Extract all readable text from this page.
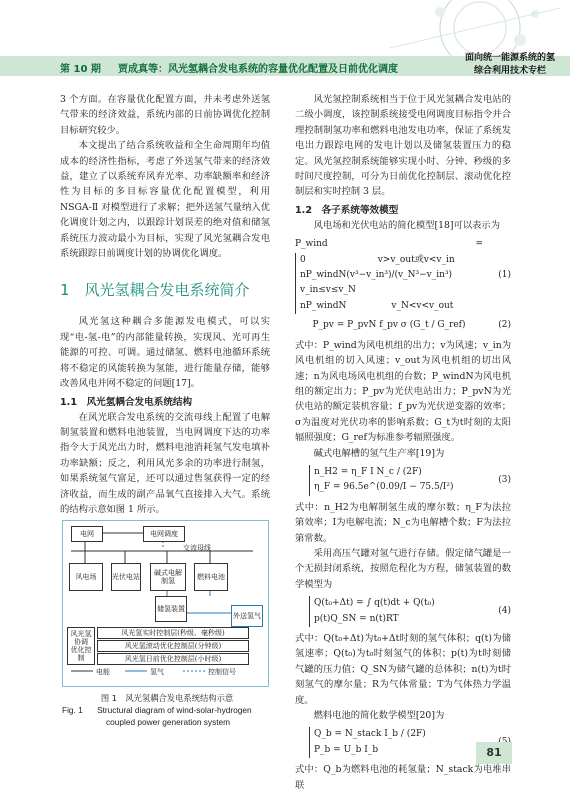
第 10 期 贾成真等：风光氢耦合发电系统的容量优化配置及日前优化调度
面向统一能源系统的氢
综合利用技术专栏

3 个方面。在容量优化配置方面，并未考虑外送氢气带来的经济效益，系统内部的日前协调优化控制目标研究较少。

本文提出了结合系统收益和全生命周期年均值成本的经济性指标，考虑了外送氢气带来的经济效益，建立了以系统弃风弃光率、功率缺额率和经济性为目标的多目标容量优化配置模型，利用 NSGA-Ⅱ 对模型进行了求解；把外送氢气量纳入优化调度计划之内，以跟踪计划误差的绝对值和储氢系统压力波动最小为目标，实现了风光氢耦合发电系统跟踪日前调度计划的协调优化调度。

1　风光氢耦合发电系统简介

风光氢这种耦合多能源发电模式，可以实现“电-氢-电”的内部能量转换，实现风、光可再生能源的可控、可调。通过储氢、燃料电池循环系统将不稳定的风能转换为氢能，进行能量存储，能够改善风电并网不稳定的问题[17]。

1.1　风光氢耦合发电系统结构

在风光联合发电系统的交流母线上配置了电解制氢装置和燃料电池装置，当电网调度下达的功率指令大于风光出力时，燃料电池消耗氢气发电填补功率缺额；反之，利用风光多余的功率进行制氢，如果系统氢气富足，还可以通过售氢获得一定的经济收益，而生成的副产品氧气直接排入大气。系统的结构示意如图 1 所示。

电网	电网调度
交流母线
风电场	光伏电站	碱式电解制氢	燃料电池
储氢装置
外送氢气
风光氢
协调
优化控
制
风光氢实时控制层(秒级、毫秒级)
风光氢滚动优化控制层(分钟级)
风光氢日前优化控制层(小时级)
电能	氢气	控制信号
图 1　风光氢耦合发电系统结构示意
Fig. 1 Structural diagram of wind-solar-hydrogen
coupled power generation system

风光氢控制系统相当于位于风光氢耦合发电站的二级小调度，该控制系统接受电网调度目标指令并合理控制制氢功率和燃料电池发电功率，保证了系统发电出力跟踪电网的发电计划以及储氢装置压力的稳定。风光氢控制系统能够实现小时、分钟、秒级的多时间尺度控制，可分为日前优化控制层、滚动优化控制层和实时控制 3 层。

1.2　各子系统等效模型

风电场和光伏电站的简化模型[18]可以表示为

P_wind =
0　　　　　　　　v>v_out或v<v_in
nP_windN(v³−v_in³)/(v_N³−v_in³)　v_in≤v≤v_N
nP_windN　　　　　v_N<v<v_out
(1)
P_pv = P_pvN f_pv σ (G_t / G_ref)	(2)

式中：P_wind为风电机组的出力；v为风速；v_in为风电机组的切入风速；v_out为风电机组的切出风速；n为风电场风电机组的台数；P_windN为风电机组的额定出力；P_pv为光伏电站出力；P_pvN为光伏电站的额定装机容量；f_pv为光伏逆变器的效率；σ为温度对光伏功率的影响系数；G_t为t时刻的太阳辐照强度；G_ref为标准参考辐照强度。

碱式电解槽的氢气生产率[19]为

n_H2 = η_F I N_c / (2F)
η_F = 96.5e^(0.09/I − 75.5/I²)
(3)

式中：n_H2为电解制氢生成的摩尔数；η_F为法拉第效率；I为电解电流；N_c为电解槽个数；F为法拉第常数。

采用高压气罐对氢气进行存储。假定储气罐是一个无损封闭系统，按照危程化为方程，储氢装置的数学模型为

Q(t₀+Δt) = ∫ q(t)dt + Q(t₀)
p(t)Q_SN = n(t)RT
(4)

式中：Q(t₀+Δt)为t₀+Δt时刻的氢气体积；q(t)为储氢速率；Q(t₀)为t₀时刻氢气的体积；p(t)为t时刻储气罐的压力值；Q_SN为储气罐的总体积；n(t)为t时刻氢气的摩尔量；R为气体常量；T为气体热力学温度。

燃料电池的简化数学模型[20]为

Q_b = N_stack I_b / (2F)
P_b = U_b I_b

式中：Q_b为燃料电池的耗氢量；N_stack为电堆串联

81
